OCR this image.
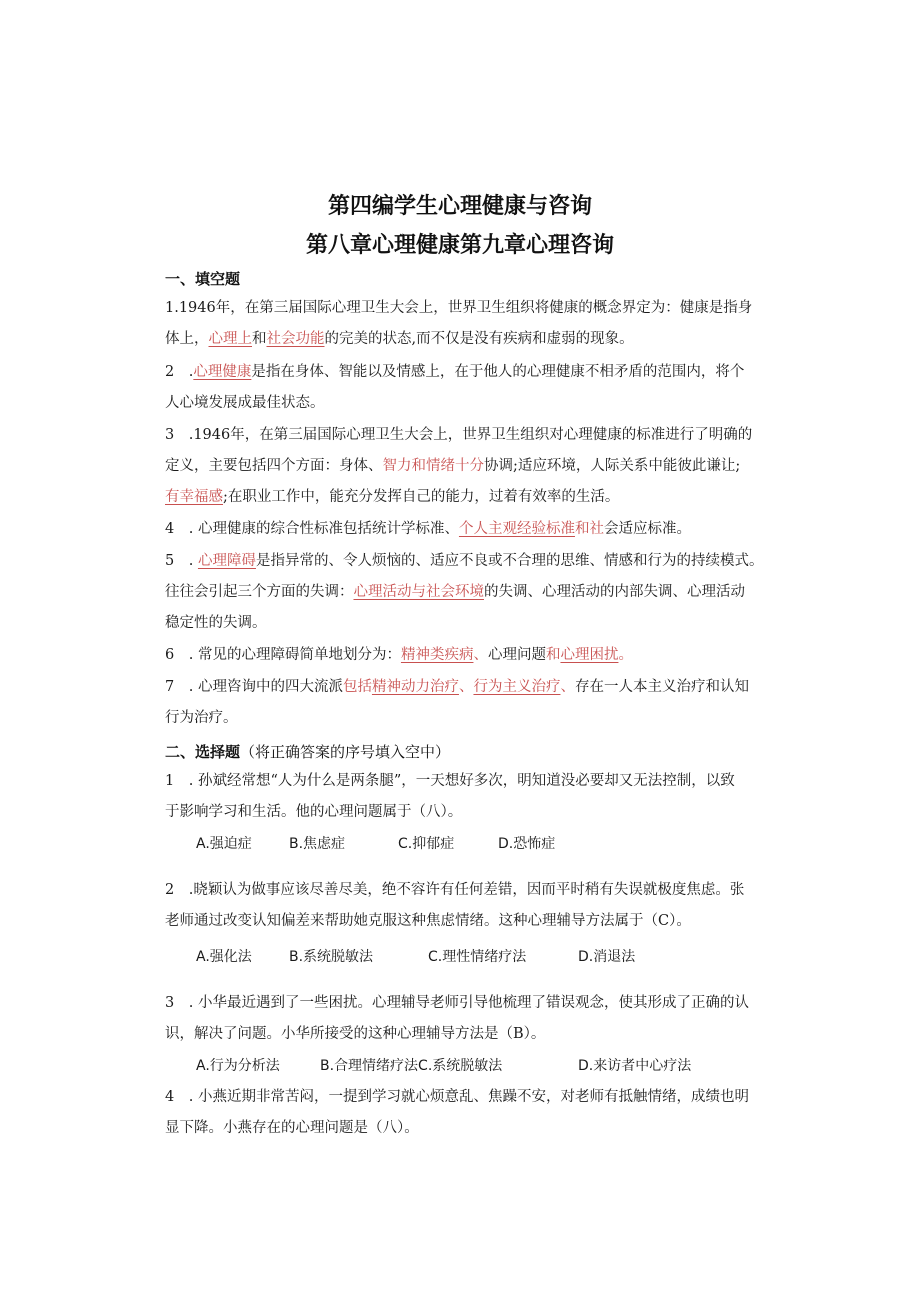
第四编学生心理健康与咨询
第八章心理健康第九章心理咨询
一、填空题
1.1946年，在第三届国际心理卫生大会上，世界卫生组织将健康的概念界定为：健康是指身
体上，心理上和社会功能的完美的状态,而不仅是没有疾病和虚弱的现象。
2　.心理健康是指在身体、智能以及情感上，在于他人的心理健康不相矛盾的范围内，将个
人心境发展成最佳状态。
3　.1946年，在第三届国际心理卫生大会上，世界卫生组织对心理健康的标准进行了明确的
定义，主要包括四个方面：身体、智力和情绪十分协调;适应环境，人际关系中能彼此谦让;
有幸福感;在职业工作中，能充分发挥自己的能力，过着有效率的生活。
4　. 心理健康的综合性标准包括统计学标准、个人主观经验标准和社会适应标准。
5　. 心理障碍是指异常的、令人烦恼的、适应不良或不合理的思维、情感和行为的持续模式。
往往会引起三个方面的失调：心理活动与社会环境的失调、心理活动的内部失调、心理活动
稳定性的失调。
6　. 常见的心理障碍简单地划分为：精神类疾病、心理问题和心理困扰。
7　. 心理咨询中的四大流派包括精神动力治疗、行为主义治疗、存在一人本主义治疗和认知
行为治疗。
二、选择题（将正确答案的序号填入空中）
1　. 孙斌经常想“人为什么是两条腿”，一天想好多次，明知道没必要却又无法控制，以致
于影响学习和生活。他的心理问题属于（八）。
A.强迫症	B.焦虑症	C.抑郁症	D.恐怖症
2　.晓颖认为做事应该尽善尽美，绝不容许有任何差错，因而平时稍有失误就极度焦虑。张
老师通过改变认知偏差来帮助她克服这种焦虑情绪。这种心理辅导方法属于（C）。
A.强化法	B.系统脱敏法	C.理性情绪疗法	D.消退法
3　. 小华最近遇到了一些困扰。心理辅导老师引导他梳理了错误观念，使其形成了正确的认
识，解决了问题。小华所接受的这种心理辅导方法是（B）。
A.行为分析法	B.合理情绪疗法C.系统脱敏法	D.来访者中心疗法
4　. 小燕近期非常苦闷，一提到学习就心烦意乱、焦躁不安，对老师有抵触情绪，成绩也明
显下降。小燕存在的心理问题是（八）。
